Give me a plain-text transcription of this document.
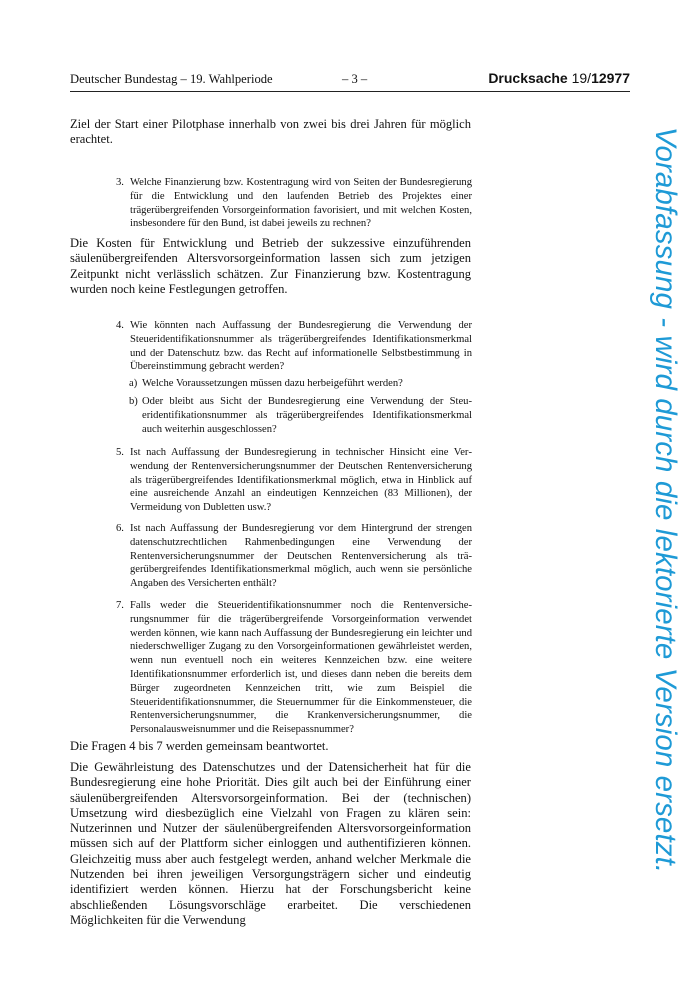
Deutscher Bundestag – 19. Wahlperiode	– 3 –	Drucksache 19/12977
Ziel der Start einer Pilotphase innerhalb von zwei bis drei Jahren für möglich erachtet.
3. Welche Finanzierung bzw. Kostentragung wird von Seiten der Bundesregierung für die Entwicklung und den laufenden Betrieb des Projektes einer trägerübergreifenden Vorsorgeinformation favorisiert, und mit welchen Kosten, insbesondere für den Bund, ist dabei jeweils zu rechnen?
Die Kosten für Entwicklung und Betrieb der sukzessive einzuführenden säulenübergreifenden Altersvorsorgeinformation lassen sich zum jetzigen Zeitpunkt nicht verlässlich schätzen. Zur Finanzierung bzw. Kostentragung wurden noch keine Festlegungen getroffen.
4. Wie könnten nach Auffassung der Bundesregierung die Verwendung der Steueridentifikationsnummer als trägerübergreifendes Identifikationsmerkmal und der Datenschutz bzw. das Recht auf informationelle Selbstbestimmung in Übereinstimmung gebracht werden?
a) Welche Voraussetzungen müssen dazu herbeigeführt werden?
b) Oder bleibt aus Sicht der Bundesregierung eine Verwendung der Steueridentifikationsnummer als trägerübergreifendes Identifikationsmerkmal auch weiterhin ausgeschlossen?
5. Ist nach Auffassung der Bundesregierung in technischer Hinsicht eine Verwendung der Rentenversicherungsnummer der Deutschen Rentenversicherung als trägerübergreifendes Identifikationsmerkmal möglich, etwa in Hinblick auf eine ausreichende Anzahl an eindeutigen Kennzeichen (83 Millionen), der Vermeidung von Dubletten usw.?
6. Ist nach Auffassung der Bundesregierung vor dem Hintergrund der strengen datenschutzrechtlichen Rahmenbedingungen eine Verwendung der Rentenversicherungsnummer der Deutschen Rentenversicherung als trägerübergreifendes Identifikationsmerkmal möglich, auch wenn sie persönliche Angaben des Versicherten enthält?
7. Falls weder die Steueridentifikationsnummer noch die Rentenversicherungsnummer für die trägerübergreifende Vorsorgeinformation verwendet werden können, wie kann nach Auffassung der Bundesregierung ein leichter und niederschwelliger Zugang zu den Vorsorgeinformationen gewährleistet werden, wenn nun eventuell noch ein weiteres Kennzeichen bzw. eine weitere Identifikationsnummer erforderlich ist, und dieses dann neben die bereits dem Bürger zugeordneten Kennzeichen tritt, wie zum Beispiel die Steueridentifikationsnummer, die Steuernummer für die Einkommensteuer, die Rentenversicherungsnummer, die Krankenversicherungsnummer, die Personalausweisnummer und die Reisepassnummer?
Die Fragen 4 bis 7 werden gemeinsam beantwortet.
Die Gewährleistung des Datenschutzes und der Datensicherheit hat für die Bundesregierung eine hohe Priorität. Dies gilt auch bei der Einführung einer säulenübergreifenden Altersvorsorgeinformation. Bei der (technischen) Umsetzung wird diesbezüglich eine Vielzahl von Fragen zu klären sein: Nutzerinnen und Nutzer der säulenübergreifenden Altersvorsorgeinformation müssen sich auf der Plattform sicher einloggen und authentifizieren können. Gleichzeitig muss aber auch festgelegt werden, anhand welcher Merkmale die Nutzenden bei ihren jeweiligen Versorgungsträgern sicher und eindeutig identifiziert werden können. Hierzu hat der Forschungsbericht keine abschließenden Lösungsvorschläge erarbeitet. Die verschiedenen Möglichkeiten für die Verwendung
Vorabfassung - wird durch die lektorierte Version ersetzt.
